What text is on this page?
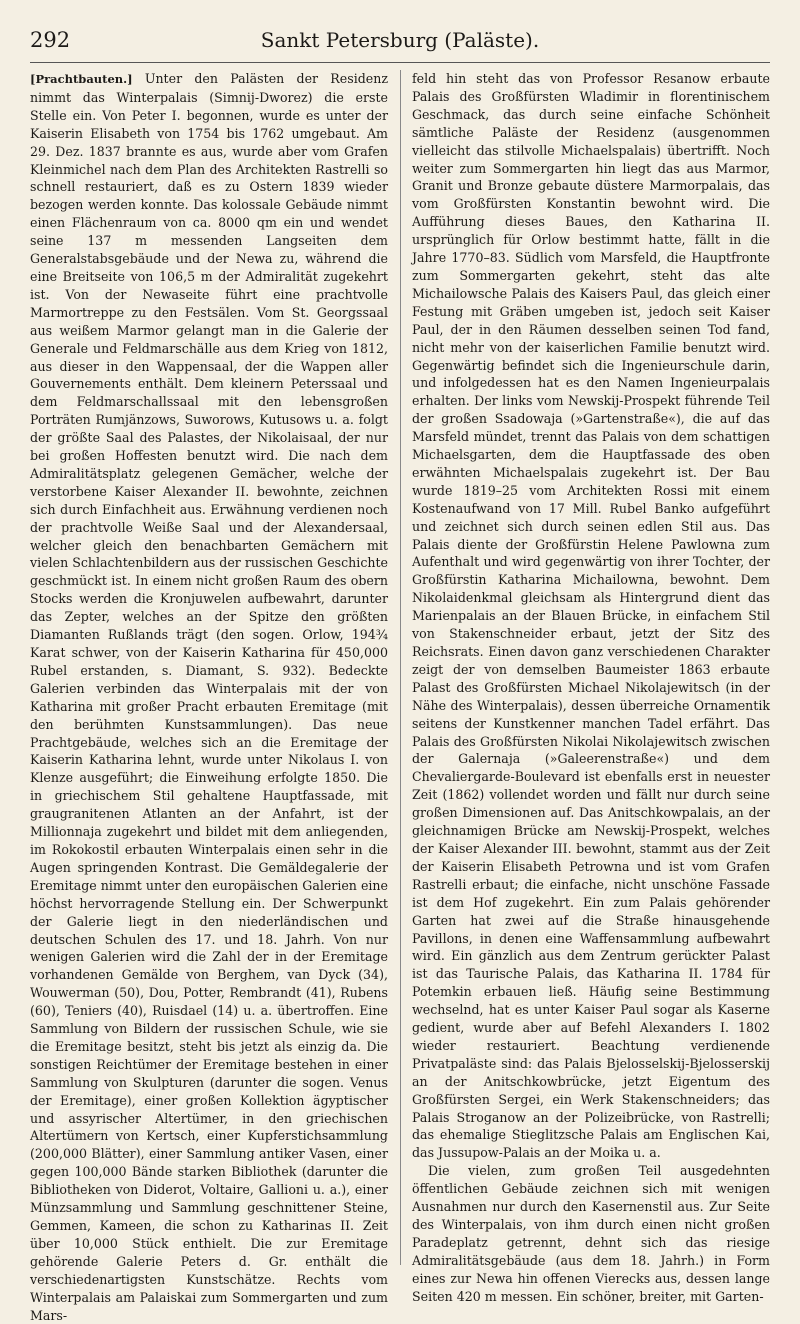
292	Sankt Petersburg (Paläste).

[Prachtbauten.] Unter den Palästen der Residenz nimmt das Winterpalais (Simnij-Dworez) die erste Stelle ein. Von Peter I. begonnen, wurde es unter der Kaiserin Elisabeth von 1754 bis 1762 umgebaut. Am 29. Dez. 1837 brannte es aus, wurde aber vom Grafen Kleinmichel nach dem Plan des Architekten Rastrelli so schnell restauriert, daß es zu Ostern 1839 wieder bezogen werden konnte. Das kolossale Gebäude nimmt einen Flächenraum von ca. 8000 qm ein und wendet seine 137 m messenden Langseiten dem Generalstabsgebäude und der Newa zu, während die eine Breitseite von 106,5 m der Admiralität zugekehrt ist. Von der Newaseite führt eine prachtvolle Marmortreppe zu den Festsälen. Vom St. Georgssaal aus weißem Marmor gelangt man in die Galerie der Generale und Feldmarschälle aus dem Krieg von 1812, aus dieser in den Wappensaal, der die Wappen aller Gouvernements enthält. Dem kleinern Peterssaal und dem Feldmarschallssaal mit den lebensgroßen Porträten Rumjänzows, Suworows, Kutusows u. a. folgt der größte Saal des Palastes, der Nikolaisaal, der nur bei großen Hoffesten benutzt wird. Die nach dem Admiralitätsplatz gelegenen Gemächer, welche der verstorbene Kaiser Alexander II. bewohnte, zeichnen sich durch Einfachheit aus. Erwähnung verdienen noch der prachtvolle Weiße Saal und der Alexandersaal, welcher gleich den benachbarten Gemächern mit vielen Schlachtenbildern aus der russischen Geschichte geschmückt ist. In einem nicht großen Raum des obern Stocks werden die Kronjuwelen aufbewahrt, darunter das Zepter, welches an der Spitze den größten Diamanten Rußlands trägt (den sogen. Orlow, 194¾ Karat schwer, von der Kaiserin Katharina für 450,000 Rubel erstanden, s. Diamant, S. 932). Bedeckte Galerien verbinden das Winterpalais mit der von Katharina mit großer Pracht erbauten Eremitage (mit den berühmten Kunstsammlungen). Das neue Prachtgebäude, welches sich an die Eremitage der Kaiserin Katharina lehnt, wurde unter Nikolaus I. von Klenze ausgeführt; die Einweihung erfolgte 1850. Die in griechischem Stil gehaltene Hauptfassade, mit graugranitenen Atlanten an der Anfahrt, ist der Millionnaja zugekehrt und bildet mit dem anliegenden, im Rokokostil erbauten Winterpalais einen sehr in die Augen springenden Kontrast. Die Gemäldegalerie der Eremitage nimmt unter den europäischen Galerien eine höchst hervorragende Stellung ein. Der Schwerpunkt der Galerie liegt in den niederländischen und deutschen Schulen des 17. und 18. Jahrh. Von nur wenigen Galerien wird die Zahl der in der Eremitage vorhandenen Gemälde von Berghem, van Dyck (34), Wouwerman (50), Dou, Potter, Rembrandt (41), Rubens (60), Teniers (40), Ruisdael (14) u. a. übertroffen. Eine Sammlung von Bildern der russischen Schule, wie sie die Eremitage besitzt, steht bis jetzt als einzig da. Die sonstigen Reichtümer der Eremitage bestehen in einer Sammlung von Skulpturen (darunter die sogen. Venus der Eremitage), einer großen Kollektion ägyptischer und assyrischer Altertümer, in den griechischen Altertümern von Kertsch, einer Kupferstichsammlung (200,000 Blätter), einer Sammlung antiker Vasen, einer gegen 100,000 Bände starken Bibliothek (darunter die Bibliotheken von Diderot, Voltaire, Gallioni u. a.), einer Münzsammlung und Sammlung geschnittener Steine, Gemmen, Kameen, die schon zu Katharinas II. Zeit über 10,000 Stück enthielt. Die zur Eremitage gehörende Galerie Peters d. Gr. enthält die verschiedenartigsten Kunstschätze. Rechts vom Winterpalais am Palaiskai zum Sommergarten und zum Mars-

feld hin steht das von Professor Resanow erbaute Palais des Großfürsten Wladimir in florentinischem Geschmack, das durch seine einfache Schönheit sämtliche Paläste der Residenz (ausgenommen vielleicht das stilvolle Michaelspalais) übertrifft. Noch weiter zum Sommergarten hin liegt das aus Marmor, Granit und Bronze gebaute düstere Marmorpalais, das vom Großfürsten Konstantin bewohnt wird. Die Aufführung dieses Baues, den Katharina II. ursprünglich für Orlow bestimmt hatte, fällt in die Jahre 1770–83. Südlich vom Marsfeld, die Hauptfronte zum Sommergarten gekehrt, steht das alte Michailowsche Palais des Kaisers Paul, das gleich einer Festung mit Gräben umgeben ist, jedoch seit Kaiser Paul, der in den Räumen desselben seinen Tod fand, nicht mehr von der kaiserlichen Familie benutzt wird. Gegenwärtig befindet sich die Ingenieurschule darin, und infolgedessen hat es den Namen Ingenieurpalais erhalten. Der links vom Newskij-Prospekt führende Teil der großen Ssadowaja (»Gartenstraße«), die auf das Marsfeld mündet, trennt das Palais von dem schattigen Michaelsgarten, dem die Hauptfassade des oben erwähnten Michaelspalais zugekehrt ist. Der Bau wurde 1819–25 vom Architekten Rossi mit einem Kostenaufwand von 17 Mill. Rubel Banko aufgeführt und zeichnet sich durch seinen edlen Stil aus. Das Palais diente der Großfürstin Helene Pawlowna zum Aufenthalt und wird gegenwärtig von ihrer Tochter, der Großfürstin Katharina Michailowna, bewohnt. Dem Nikolaidenkmal gleichsam als Hintergrund dient das Marienpalais an der Blauen Brücke, in einfachem Stil von Stakenschneider erbaut, jetzt der Sitz des Reichsrats. Einen davon ganz verschiedenen Charakter zeigt der von demselben Baumeister 1863 erbaute Palast des Großfürsten Michael Nikolajewitsch (in der Nähe des Winterpalais), dessen überreiche Ornamentik seitens der Kunstkenner manchen Tadel erfährt. Das Palais des Großfürsten Nikolai Nikolajewitsch zwischen der Galernaja (»Galeerenstraße«) und dem Chevaliergarde-Boulevard ist ebenfalls erst in neuester Zeit (1862) vollendet worden und fällt nur durch seine großen Dimensionen auf. Das Anitschkowpalais, an der gleichnamigen Brücke am Newskij-Prospekt, welches der Kaiser Alexander III. bewohnt, stammt aus der Zeit der Kaiserin Elisabeth Petrowna und ist vom Grafen Rastrelli erbaut; die einfache, nicht unschöne Fassade ist dem Hof zugekehrt. Ein zum Palais gehörender Garten hat zwei auf die Straße hinausgehende Pavillons, in denen eine Waffensammlung aufbewahrt wird. Ein gänzlich aus dem Zentrum gerückter Palast ist das Taurische Palais, das Katharina II. 1784 für Potemkin erbauen ließ. Häufig seine Bestimmung wechselnd, hat es unter Kaiser Paul sogar als Kaserne gedient, wurde aber auf Befehl Alexanders I. 1802 wieder restauriert. Beachtung verdienende Privatpaläste sind: das Palais Bjelosselskij-Bjelosserskij an der Anitschkowbrücke, jetzt Eigentum des Großfürsten Sergei, ein Werk Stakenschneiders; das Palais Stroganow an der Polizeibrücke, von Rastrelli; das ehemalige Stieglitzsche Palais am Englischen Kai, das Jussupow-Palais an der Moika u. a.

Die vielen, zum großen Teil ausgedehnten öffentlichen Gebäude zeichnen sich mit wenigen Ausnahmen nur durch den Kasernenstil aus. Zur Seite des Winterpalais, von ihm durch einen nicht großen Paradeplatz getrennt, dehnt sich das riesige Admiralitätsgebäude (aus dem 18. Jahrh.) in Form eines zur Newa hin offenen Vierecks aus, dessen lange Seiten 420 m messen. Ein schöner, breiter, mit Garten-
